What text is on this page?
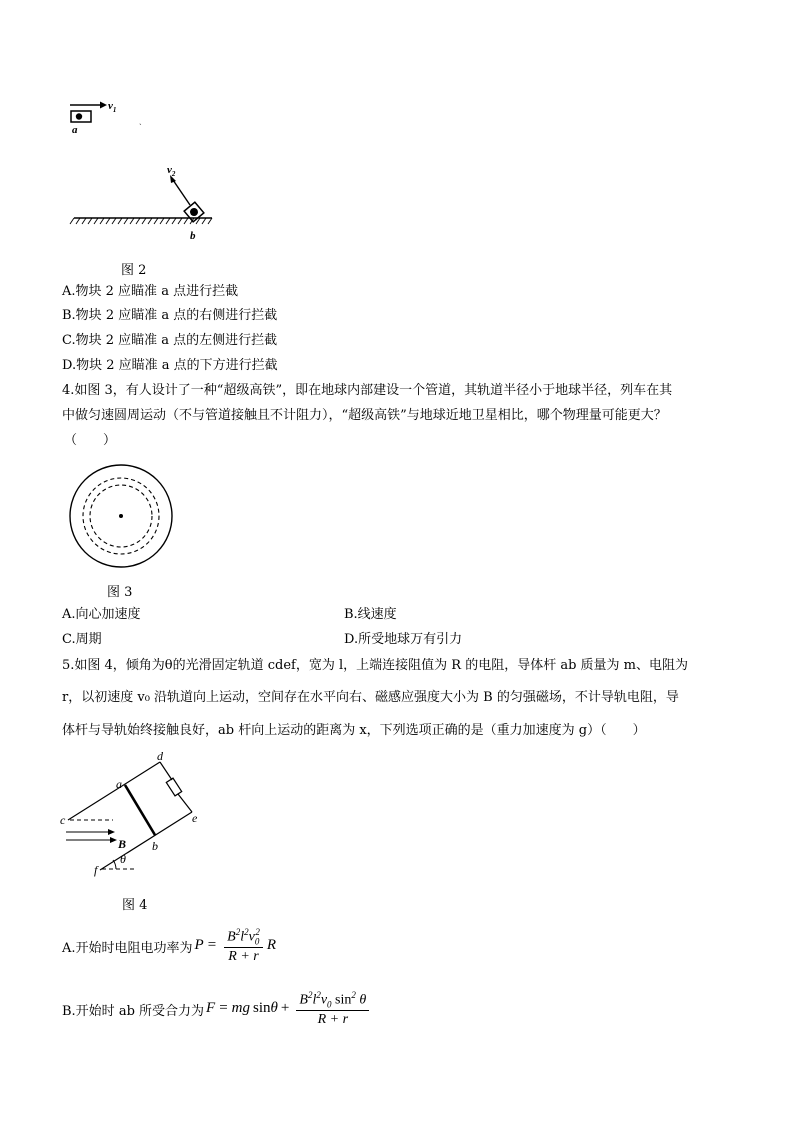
$v_1$
a
ˎ
$v_2$
b
图 2
A.物块 2 应瞄准 a 点进行拦截
B.物块 2 应瞄准 a 点的右侧进行拦截
C.物块 2 应瞄准 a 点的左侧进行拦截
D.物块 2 应瞄准 a 点的下方进行拦截
4.如图 3，有人设计了一种“超级高铁”，即在地球内部建设一个管道，其轨道半径小于地球半径，列车在其
中做匀速圆周运动（不与管道接触且不计阻力），“超级高铁”与地球近地卫星相比，哪个物理量可能更大？
（　　）
图 3
A.向心加速度	B.线速度
C.周期	D.所受地球万有引力
5.如图 4，倾角为θ的光滑固定轨道 cdef，宽为 l，上端连接阻值为 R 的电阻，导体杆 ab 质量为 m、电阻为
r，以初速度 v₀ 沿轨道向上运动，空间存在水平向右、磁感应强度大小为 B 的匀强磁场，不计导轨电阻，导
体杆与导轨始终接触良好，ab 杆向上运动的距离为 x，下列选项正确的是（重力加速度为 g）（　　）
d
a
c	e
B b
θ
f
图 4
A.开始时电阻电功率为 $P = \frac{B^2l^2v_0^2}{R + r}$ R
B.开始时 ab 所受合力为 F = mg $\sin \theta + \frac{B^2l^2v_0 \sin^2 \theta}{R + r}$
